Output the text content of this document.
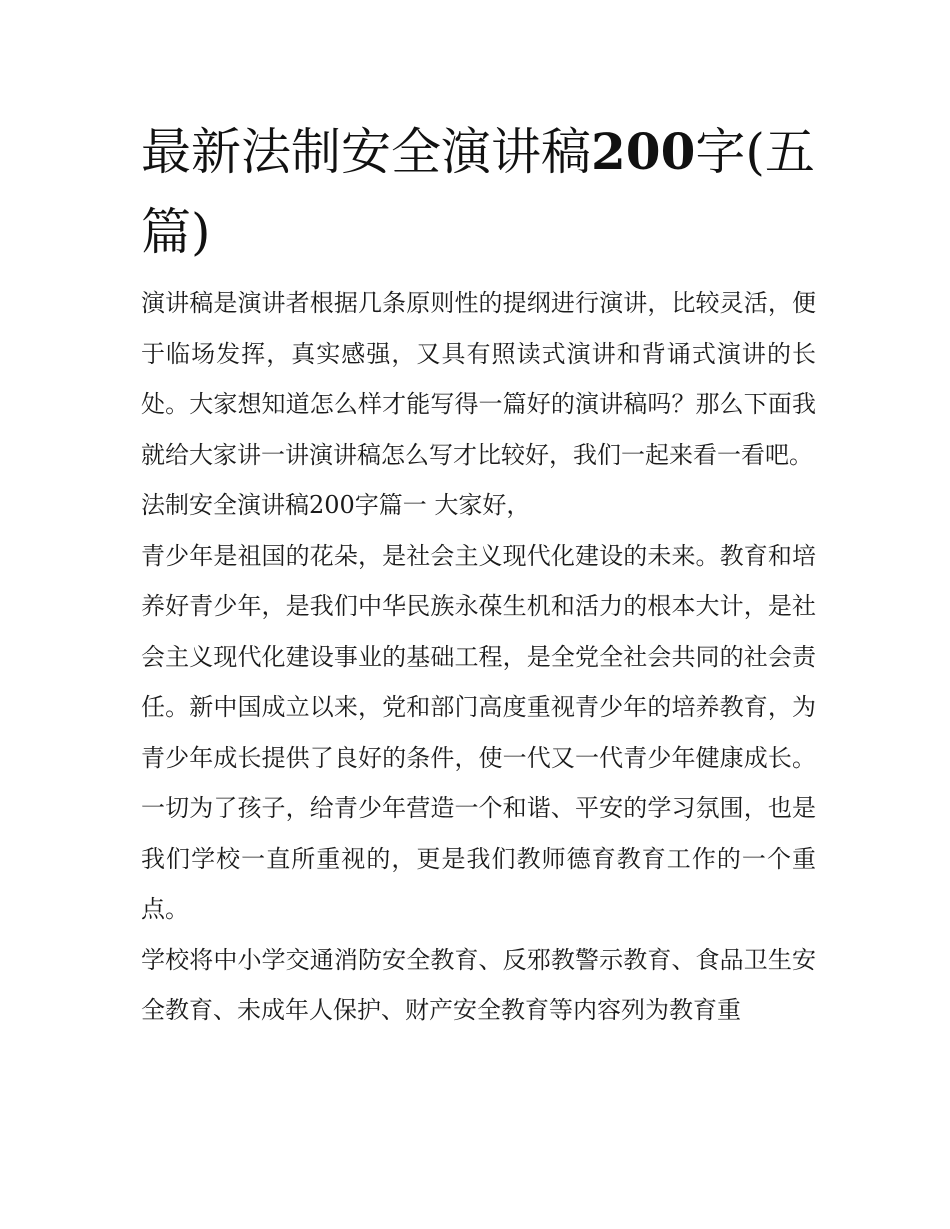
最新法制安全演讲稿200字(五篇)

演讲稿是演讲者根据几条原则性的提纲进行演讲，比较灵活，便于临场发挥，真实感强，又具有照读式演讲和背诵式演讲的长处。大家想知道怎么样才能写得一篇好的演讲稿吗？那么下面我就给大家讲一讲演讲稿怎么写才比较好，我们一起来看一看吧。

法制安全演讲稿200字篇一 大家好，

青少年是祖国的花朵，是社会主义现代化建设的未来。教育和培养好青少年，是我们中华民族永葆生机和活力的根本大计，是社会主义现代化建设事业的基础工程，是全党全社会共同的社会责任。新中国成立以来，党和部门高度重视青少年的培养教育，为青少年成长提供了良好的条件，使一代又一代青少年健康成长。一切为了孩子，给青少年营造一个和谐、平安的学习氛围，也是我们学校一直所重视的，更是我们教师德育教育工作的一个重点。

学校将中小学交通消防安全教育、反邪教警示教育、食品卫生安全教育、未成年人保护、财产安全教育等内容列为教育重
